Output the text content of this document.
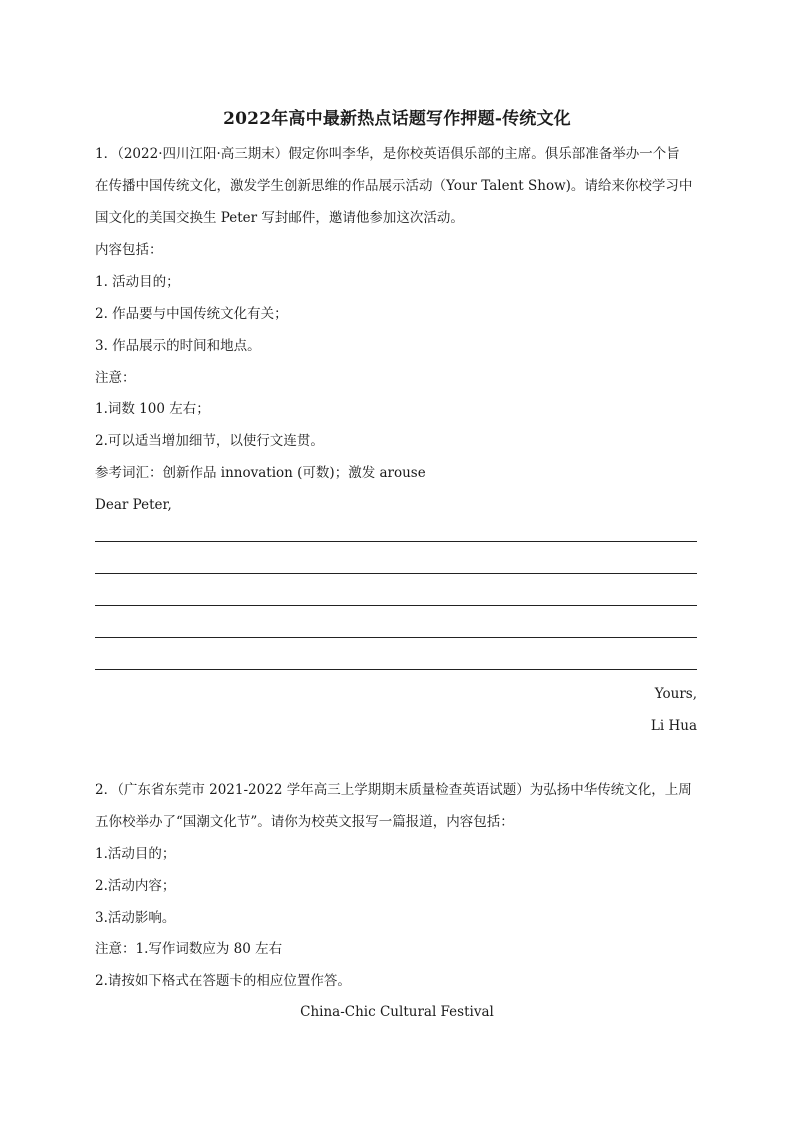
2022年高中最新热点话题写作押题-传统文化
1．（2022·四川江阳·高三期末）假定你叫李华，是你校英语俱乐部的主席。俱乐部准备举办一个旨
在传播中国传统文化，激发学生创新思维的作品展示活动（Your Talent Show)。请给来你校学习中
国文化的美国交换生 Peter 写封邮件，邀请他参加这次活动。
内容包括：
1. 活动目的；
2. 作品要与中国传统文化有关；
3. 作品展示的时间和地点。
注意：
1.词数 100 左右；
2.可以适当增加细节，以使行文连贯。
参考词汇：创新作品 innovation (可数)；激发 arouse
Dear Peter,
Yours,
Li Hua
2．（广东省东莞市 2021-2022 学年高三上学期期末质量检查英语试题）为弘扬中华传统文化，上周
五你校举办了“国潮文化节”。请你为校英文报写一篇报道，内容包括：
1.活动目的；
2.活动内容；
3.活动影响。
注意：1.写作词数应为 80 左右
2.请按如下格式在答题卡的相应位置作答。
China-Chic Cultural Festival
